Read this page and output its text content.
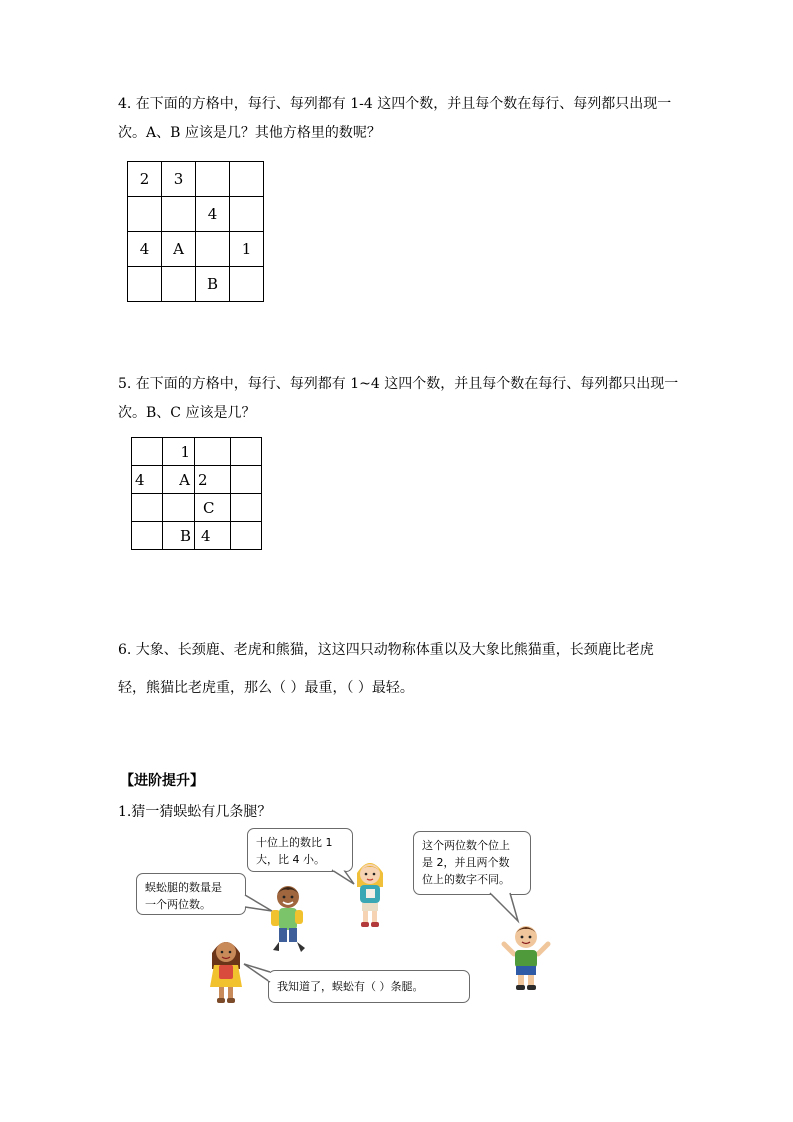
4. 在下面的方格中，每行、每列都有 1-4 这四个数，并且每个数在每行、每列都只出现一
次。A、B 应该是几？其他方格里的数呢？
2	3		
		4	
4	A		1
		B	
5. 在下面的方格中，每行、每列都有 1~4 这四个数，并且每个数在每行、每列都只出现一
次。B、C 应该是几？
	1		
4	A	2	
		C	
	B	4	
6. 大象、长颈鹿、老虎和熊猫，这这四只动物称体重以及大象比熊猫重，长颈鹿比老虎
轻，熊猫比老虎重，那么（ ）最重，（ ）最轻。
【进阶提升】
1.猜一猜蜈蚣有几条腿？
十位上的数比 1
大，比 4 小。
蜈蚣腿的数量是
一个两位数。
这个两位数个位上
是 2，并且两个数
位上的数字不同。
我知道了，蜈蚣有（ ）条腿。
